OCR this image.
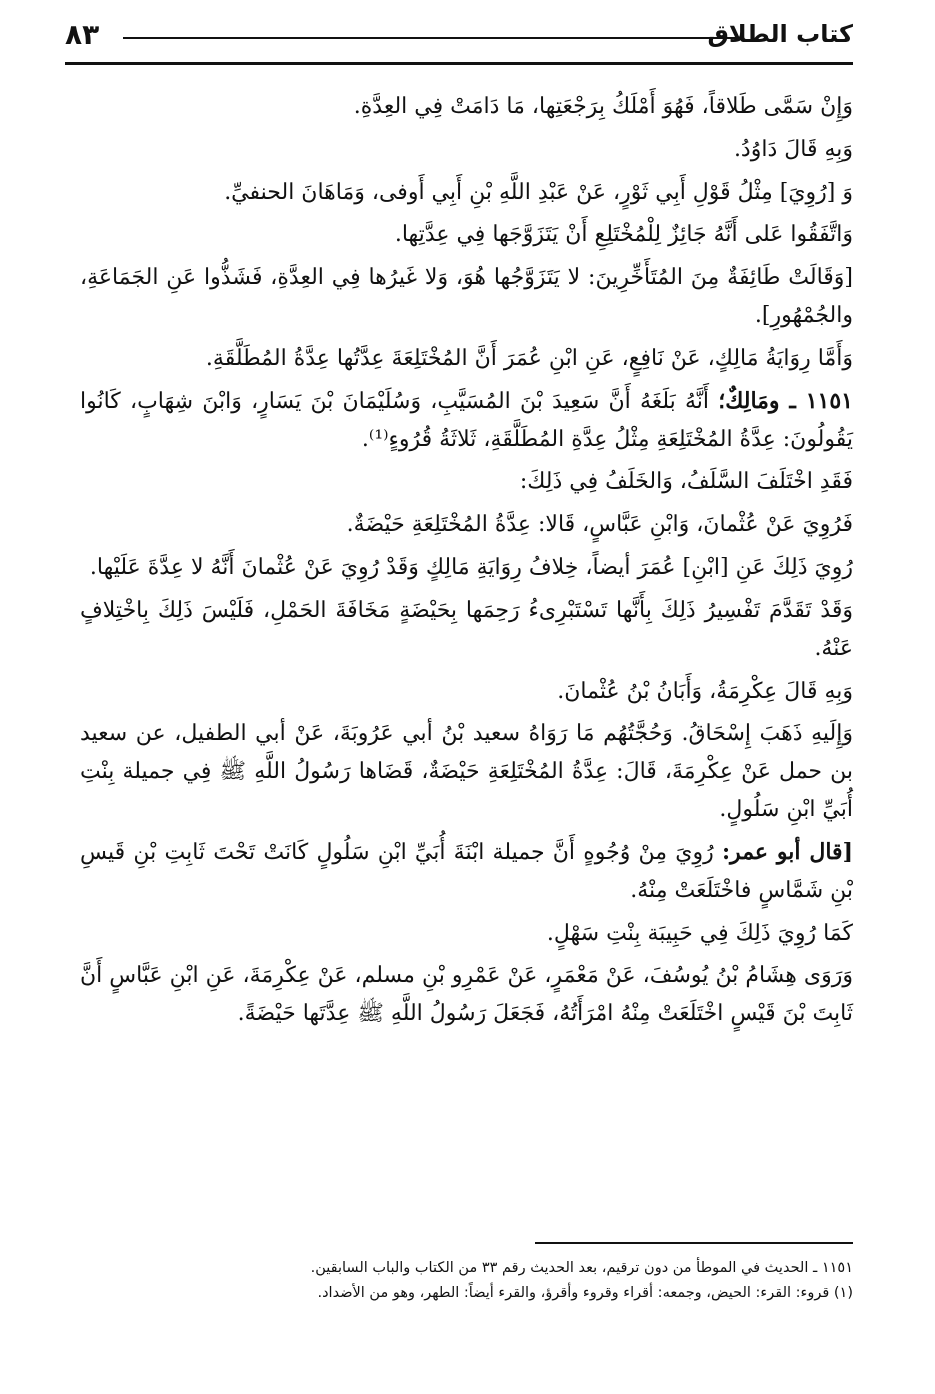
كتاب الطلاق
٨٣

وَإِنْ سَمَّى طَلاقاً، فَهُوَ أَمْلَكُ بِرَجْعَتِها، مَا دَامَتْ فِي العِدَّةِ.

وَبِهِ قَالَ دَاوُدُ.

وَ [رُوِيَ] مِثْلُ قَوْلِ أَبِي ثَوْرٍ، عَنْ عَبْدِ اللَّهِ بْنِ أَبِي أَوفى، وَمَاهَانَ الحنفيِّ.

وَاتَّفَقُوا عَلى أَنَّهُ جَائِزٌ لِلْمُخْتَلِعِ أَنْ يَتَزَوَّجَها فِي عِدَّتِها.

[وَقَالَتْ طَائِفَةٌ مِنَ المُتَأَخِّرِينَ: لا يَتَزَوَّجُها هُوَ، وَلا غَيرُها فِي العِدَّةِ، فَشَذُّوا عَنِ الجَمَاعَةِ، والجُمْهُورِ].

وَأَمَّا رِوَايَةُ مَالِكٍ، عَنْ نَافِعٍ، عَنِ ابْنِ عُمَرَ أَنَّ المُخْتَلِعَةَ عِدَّتُها عِدَّةُ المُطَلَّقَةِ.

١١٥١ ـ ومَالِكٌ؛ أَنَّهُ بَلَغَهُ أَنَّ سَعِيدَ بْنَ المُسَيَّبِ، وَسُلَيْمَانَ بْنَ يَسَارٍ، وَابْنَ شِهَابٍ، كَانُوا يَقُولُونَ: عِدَّةُ المُخْتَلِعَةِ مِثْلُ عِدَّةِ المُطَلَّقَةِ، ثَلاثَةُ قُرُوءٍ⁽¹⁾.

فَقَدِ اخْتَلَفَ السَّلَفُ، وَالخَلَفُ فِي ذَلِكَ:

فَرُوِيَ عَنْ عُثْمانَ، وَابْنِ عَبَّاسٍ، قَالا: عِدَّةُ المُخْتَلِعَةِ حَيْضَةٌ.

رُوِيَ ذَلِكَ عَنِ [ابْنِ] عُمَرَ أيضاً، خِلافُ رِوَايَةِ مَالِكٍ وَقَدْ رُوِيَ عَنْ عُثْمانَ أَنَّهُ لا عِدَّةَ عَلَيْها.

وَقَدْ تَقَدَّمَ تَفْسِيرُ ذَلِكَ بِأَنَّها تَسْتَبْرِىءُ رَحِمَها بِحَيْضَةٍ مَخَافَةَ الحَمْلِ، فَلَيْسَ ذَلِكَ بِاخْتِلافٍ عَنْهُ.

وَبِهِ قَالَ عِكْرِمَةُ، وَأَبَانُ بْنُ عُثْمانَ.

وَإِلَيهِ ذَهَبَ إِسْحَاقُ. وَحُجَّتُهُم مَا رَوَاهُ سعيد بْنُ أبي عَرُوبَةَ، عَنْ أبي الطفيل، عن سعيد بن حمل عَنْ عِكْرِمَةَ، قَالَ: عِدَّةُ المُخْتَلِعَةِ حَيْضَةٌ، قَضَاها رَسُولُ اللَّهِ ﷺ فِي جميلة بِنْتِ أُبَيِّ ابْنِ سَلُولٍ.

[قال أبو عمر: رُوِيَ مِنْ وُجُوهٍ أَنَّ جميلة ابْنَةَ أُبَيِّ ابْنِ سَلُولٍ كَانَتْ تَحْتَ ثَابِتِ بْنِ قَيسِ بْنِ شَمَّاسٍ فاخْتَلَعَتْ مِنْهُ.

كَمَا رُوِيَ ذَلِكَ فِي حَبِيبَة بِنْتِ سَهْلٍ.

وَرَوَى هِشَامُ بْنُ يُوسُفَ، عَنْ مَعْمَرٍ، عَنْ عَمْرِو بْنِ مسلم، عَنْ عِكْرِمَةَ، عَنِ ابْنِ عَبَّاسٍ أَنَّ ثَابِتَ بْنَ قَيْسٍ اخْتَلَعَتْ مِنْهُ امْرَأَتُهُ، فَجَعَلَ رَسُولُ اللَّهِ ﷺ عِدَّتَها حَيْضَةً.

١١٥١ ـ الحديث في الموطأ من دون ترقيم، بعد الحديث رقم ٣٣ من الكتاب والباب السابقين.

(١) قروء: القرء: الحيض، وجمعه: أقراء وقروء وأقرؤ، والقرء أيضاً: الطهر، وهو من الأضداد.
